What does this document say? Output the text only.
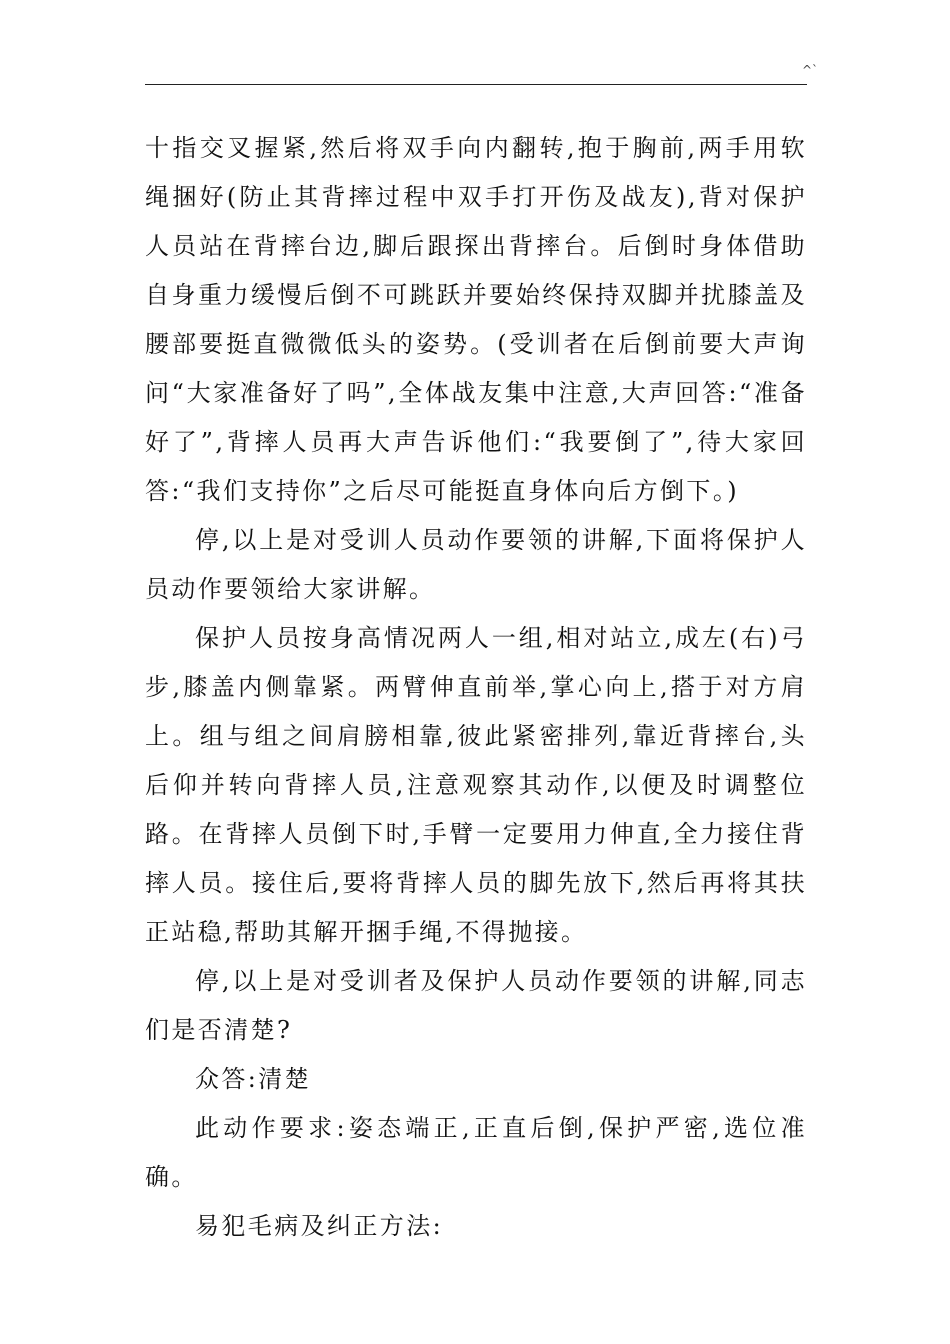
^`

十指交叉握紧,然后将双手向内翻转,抱于胸前,两手用软绳捆好(防止其背摔过程中双手打开伤及战友),背对保护人员站在背摔台边,脚后跟探出背摔台。后倒时身体借助自身重力缓慢后倒不可跳跃并要始终保持双脚并扰膝盖及腰部要挺直微微低头的姿势。(受训者在后倒前要大声询问“大家准备好了吗”,全体战友集中注意,大声回答:“准备好了”,背摔人员再大声告诉他们:“我要倒了”,待大家回答:“我们支持你”之后尽可能挺直身体向后方倒下。)

停,以上是对受训人员动作要领的讲解,下面将保护人员动作要领给大家讲解。

保护人员按身高情况两人一组,相对站立,成左(右)弓步,膝盖内侧靠紧。两臂伸直前举,掌心向上,搭于对方肩上。组与组之间肩膀相靠,彼此紧密排列,靠近背摔台,头后仰并转向背摔人员,注意观察其动作,以便及时调整位路。在背摔人员倒下时,手臂一定要用力伸直,全力接住背摔人员。接住后,要将背摔人员的脚先放下,然后再将其扶正站稳,帮助其解开捆手绳,不得抛接。

停,以上是对受训者及保护人员动作要领的讲解,同志们是否清楚?

众答:清楚

此动作要求:姿态端正,正直后倒,保护严密,选位准确。

易犯毛病及纠正方法:
